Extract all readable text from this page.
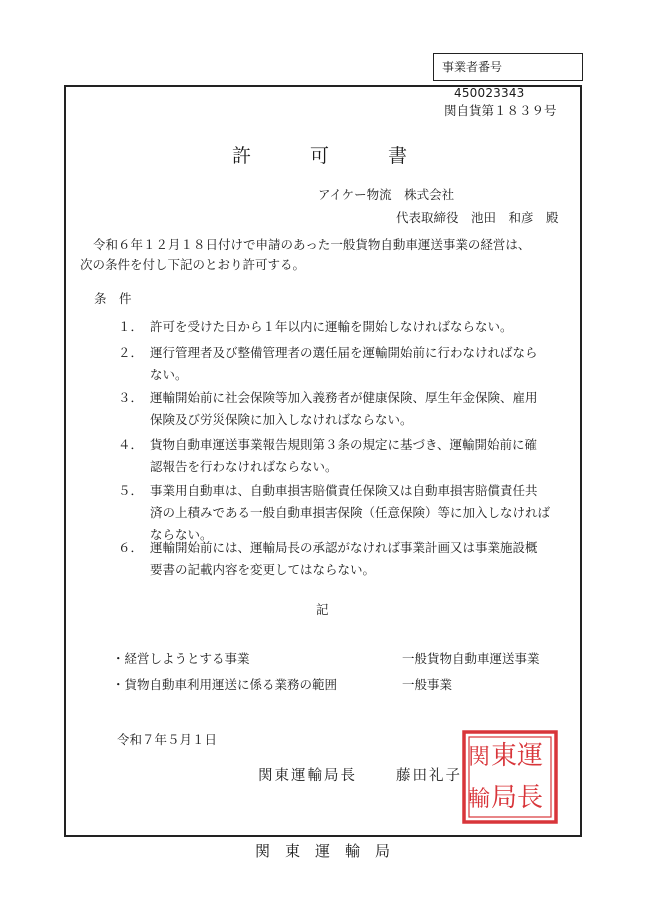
事業者番号 450023343
関自貨第１８３９号
許	可	書
アイケー物流　株式会社
代表取締役　池田　和彦　殿
令和６年１２月１８日付けで申請のあった一般貨物自動車運送事業の経営は、
次の条件を付し下記のとおり許可する。
条　件
１． 許可を受けた日から１年以内に運輸を開始しなければならない。

２． 運行管理者及び整備管理者の選任届を運輸開始前に行わなければなら

ない。

３． 運輸開始前に社会保険等加入義務者が健康保険、厚生年金保険、雇用

保険及び労災保険に加入しなければならない。

４． 貨物自動車運送事業報告規則第３条の規定に基づき、運輸開始前に確

認報告を行わなければならない。

５． 事業用自動車は、自動車損害賠償責任保険又は自動車損害賠償責任共

済の上積みである一般自動車損害保険（任意保険）等に加入しなければ

ならない。

６． 運輸開始前には、運輸局長の承認がなければ事業計画又は事業施設概

要書の記載内容を変更してはならない。

記
・経営しようとする事業	一般貨物自動車運送事業
・貨物自動車利用運送に係る業務の範囲	一般事業
令和７年５月１日
関東運輸局長	藤田礼子
運
長
東
局
関
輸
関　東　運　輸　局
